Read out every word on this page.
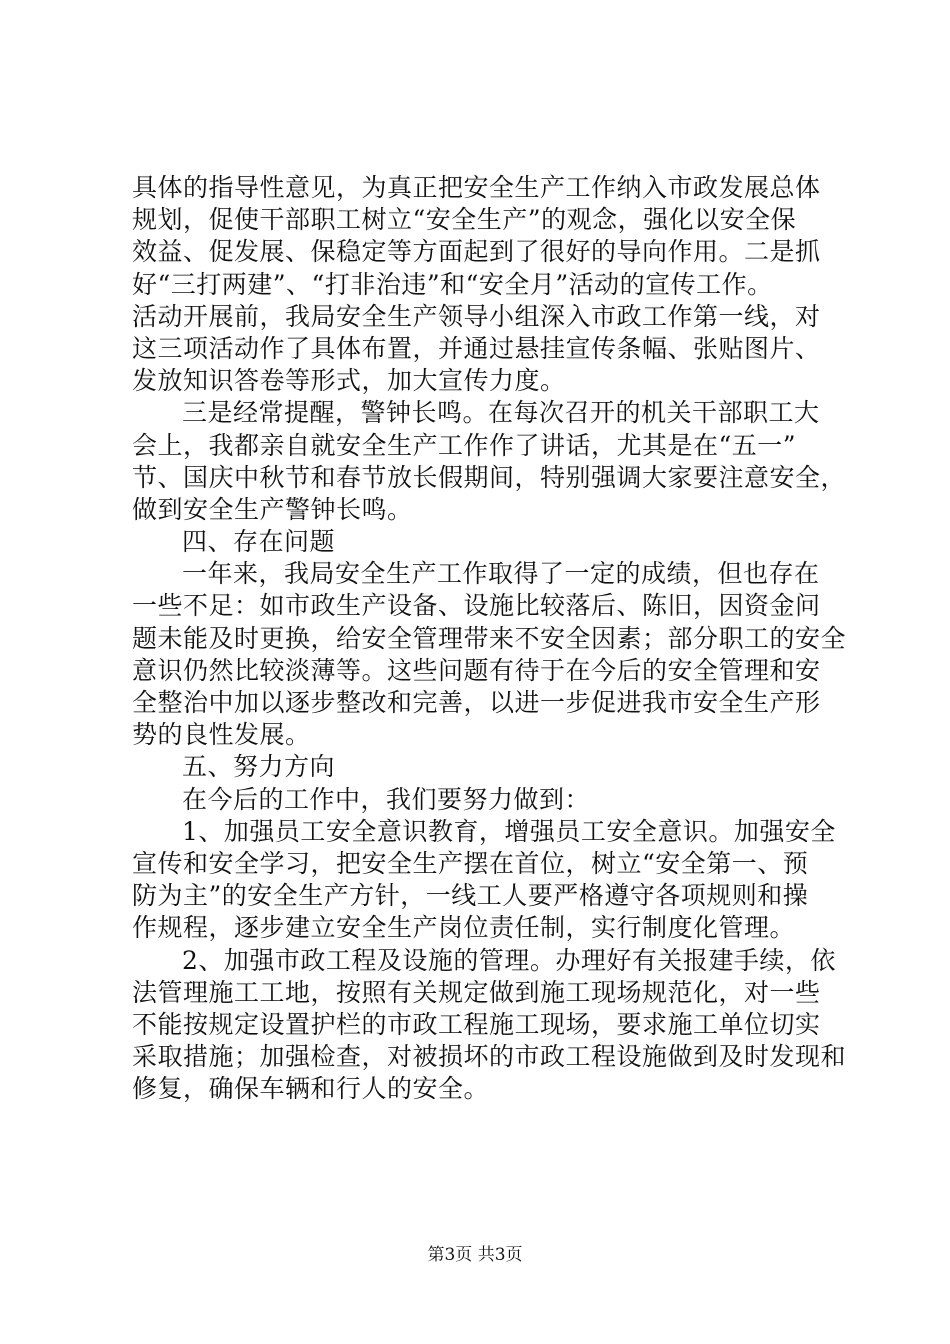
具体的指导性意见，为真正把安全生产工作纳入市政发展总体
规划，促使干部职工树立“安全生产”的观念，强化以安全保
效益、促发展、保稳定等方面起到了很好的导向作用。二是抓
好“三打两建”、“打非治违”和“安全月”活动的宣传工作。
活动开展前，我局安全生产领导小组深入市政工作第一线，对
这三项活动作了具体布置，并通过悬挂宣传条幅、张贴图片、
发放知识答卷等形式，加大宣传力度。
三是经常提醒，警钟长鸣。在每次召开的机关干部职工大
会上，我都亲自就安全生产工作作了讲话，尤其是在“五一”
节、国庆中秋节和春节放长假期间，特别强调大家要注意安全，
做到安全生产警钟长鸣。
四、存在问题
一年来，我局安全生产工作取得了一定的成绩，但也存在
一些不足：如市政生产设备、设施比较落后、陈旧，因资金问
题未能及时更换，给安全管理带来不安全因素；部分职工的安全
意识仍然比较淡薄等。这些问题有待于在今后的安全管理和安
全整治中加以逐步整改和完善，以进一步促进我市安全生产形
势的良性发展。
五、努力方向
在今后的工作中，我们要努力做到：
1、加强员工安全意识教育，增强员工安全意识。加强安全
宣传和安全学习，把安全生产摆在首位，树立“安全第一、预
防为主”的安全生产方针，一线工人要严格遵守各项规则和操
作规程，逐步建立安全生产岗位责任制，实行制度化管理。
2、加强市政工程及设施的管理。办理好有关报建手续，依
法管理施工工地，按照有关规定做到施工现场规范化，对一些
不能按规定设置护栏的市政工程施工现场，要求施工单位切实
采取措施；加强检查，对被损坏的市政工程设施做到及时发现和
修复，确保车辆和行人的安全。
第3页 共3页
